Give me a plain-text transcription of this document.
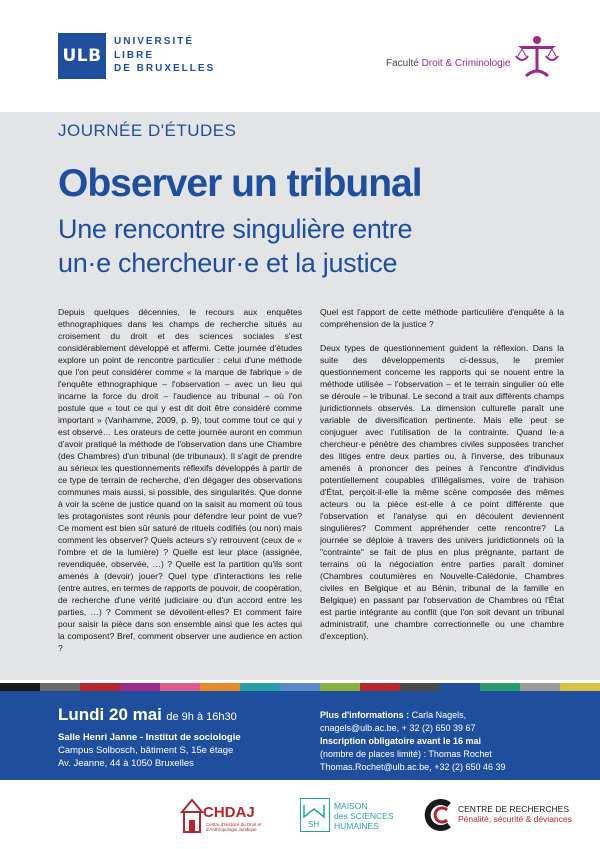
ULB
UNIVERSITÉ
LIBRE
DE BRUXELLES	Faculté Droit & Criminologie
JOURNÉE D'ÉTUDES
Observer un tribunal
Une rencontre singulière entre
un·e chercheur·e et la justice

Depuis quelques décennies, le recours aux enquêtes ethnographiques dans les champs de recherche situés au croisement du droit et des sciences sociales s'est considérablement développé et affermi. Cette journée d'études explore un point de rencontre particulier : celui d'une méthode que l'on peut considérer comme « la marque de fabrique » de l'enquête ethnographique – l'observation – avec un lieu qui incarne la force du droit – l'audience au tribunal – où l'on postule que « tout ce qui y est dit doit être considéré comme important » (Vanhamme, 2009, p. 9), tout comme tout ce qui y est observé… Les orateurs de cette journée auront en commun d'avoir pratiqué la méthode de l'observation dans une Chambre (des Chambres) d'un tribunal (de tribunaux). Il s'agit de prendre au sérieux les questionnements réflexifs développés à partir de ce type de terrain de recherche, d'en dégager des observations communes mais aussi, si possible, des singularités. Que donne à voir la scène de justice quand on la saisit au moment où tous les protagonistes sont réunis pour défendre leur point de vue? Ce moment est bien sûr saturé de rituels codifiés (ou non) mais comment les observer? Quels acteurs s'y retrouvent (ceux de « l'ombre et de la lumière) ? Quelle est leur place (assignée, revendiquée, observée, …) ? Quelle est la partition qu'ils sont amenés à (devoir) jouer? Quel type d'interactions les relie (entre autres, en termes de rapports de pouvoir, de coopération, de recherche d'une vérité judiciaire ou d'un accord entre les parties, …) ? Comment se dévoilent-elles? Et comment faire pour saisir la pièce dans son ensemble ainsi que les actes qui la composent? Bref, comment observer une audience en action ?

Quel est l'apport de cette méthode particulière d'enquête à la compréhension de la justice ?

Deux types de questionnement guident la réflexion. Dans la suite des développements ci-dessus, le premier questionnement concerne les rapports qui se nouent entre la méthode utilisée – l'observation – et le terrain singulier où elle se déroule – le tribunal. Le second a trait aux différents champs juridictionnels observés. La dimension culturelle paraît une variable de diversification pertinente. Mais elle peut se conjuguer avec l'utilisation de la contrainte. Quand le·a chercheur·e pénètre des chambres civiles supposées trancher des litiges entre deux parties ou, à l'inverse, des tribunaux amenés à prononcer des peines à l'encontre d'individus potentiellement coupables d'illégalismes, voire de trahison d'État, perçoit-il-elle la même scène composée des mêmes acteurs ou la pièce est-elle à ce point différente que l'observation et l'analyse qui en découlent deviennent singulières? Comment appréhender cette rencontre? La journée se déploie à travers des univers juridictionnels où la "contrainte" se fait de plus en plus prégnante, partant de terrains où la négociation entre parties paraît dominer (Chambres coutumières en Nouvelle-Calédonie, Chambres civiles en Belgique et au Bénin, tribunal de la famille en Belgique) en passant par l'observation de Chambres où l'État est partie intégrante au conflit (que l'on soit devant un tribunal administratif, une chambre correctionnelle ou une chambre d'exception).

Lundi 20 mai de 9h à 16h30
Salle Henri Janne - Institut de sociologie
Campus Solbosch, bâtiment S, 15e étage
Av. Jeanne, 44 à 1050 Bruxelles
Plus d'informations : Carla Nagels,
cnagels@ulb.ac.be, + 32 (2) 650 39 67
Inscription obligatoire avant le 16 mai
(nombre de places limité) : Thomas Rochet
Thomas.Rochet@ulb.ac.be, +32 (2) 650 46 39
CHDAJ
Centre d'Histoire du Droit et d'Anthropologie Juridique
SH
MAISON
des SCIENCES
HUMAINES
CENTRE DE RECHERCHES
Pénalité, sécurité & déviances
